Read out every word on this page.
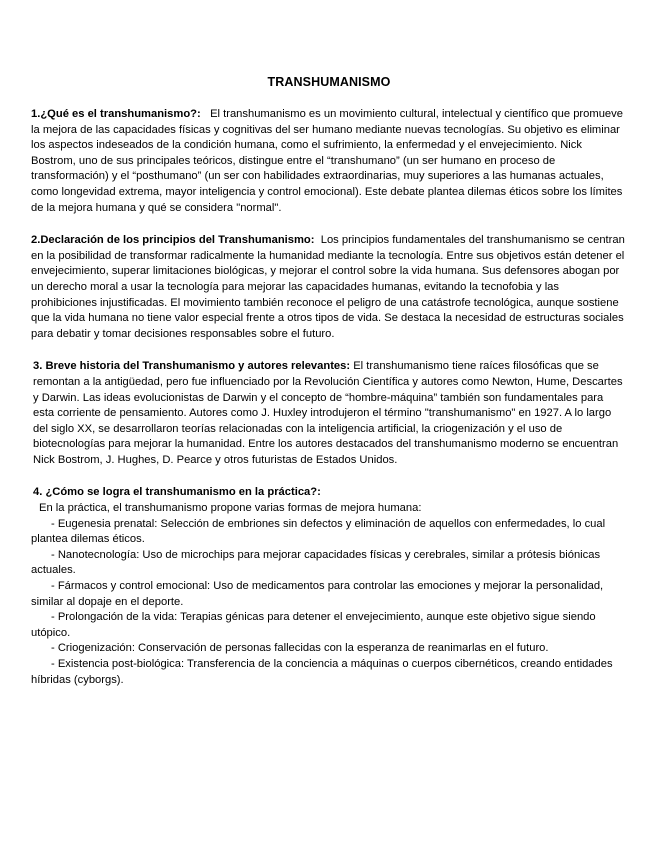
TRANSHUMANISMO
1.¿Qué es el transhumanismo?: El transhumanismo es un movimiento cultural, intelectual y científico que promueve la mejora de las capacidades físicas y cognitivas del ser humano mediante nuevas tecnologías. Su objetivo es eliminar los aspectos indeseados de la condición humana, como el sufrimiento, la enfermedad y el envejecimiento. Nick Bostrom, uno de sus principales teóricos, distingue entre el “transhumano” (un ser humano en proceso de transformación) y el “posthumano” (un ser con habilidades extraordinarias, muy superiores a las humanas actuales, como longevidad extrema, mayor inteligencia y control emocional). Este debate plantea dilemas éticos sobre los límites de la mejora humana y qué se considera "normal".
2.Declaración de los principios del Transhumanismo: Los principios fundamentales del transhumanismo se centran en la posibilidad de transformar radicalmente la humanidad mediante la tecnología. Entre sus objetivos están detener el envejecimiento, superar limitaciones biológicas, y mejorar el control sobre la vida humana. Sus defensores abogan por un derecho moral a usar la tecnología para mejorar las capacidades humanas, evitando la tecnofobia y las prohibiciones injustificadas. El movimiento también reconoce el peligro de una catástrofe tecnológica, aunque sostiene que la vida humana no tiene valor especial frente a otros tipos de vida. Se destaca la necesidad de estructuras sociales para debatir y tomar decisiones responsables sobre el futuro.
3. Breve historia del Transhumanismo y autores relevantes: El transhumanismo tiene raíces filosóficas que se remontan a la antigüedad, pero fue influenciado por la Revolución Científica y autores como Newton, Hume, Descartes y Darwin. Las ideas evolucionistas de Darwin y el concepto de “hombre-máquina” también son fundamentales para esta corriente de pensamiento. Autores como J. Huxley introdujeron el término "transhumanismo" en 1927. A lo largo del siglo XX, se desarrollaron teorías relacionadas con la inteligencia artificial, la criogenización y el uso de biotecnologías para mejorar la humanidad. Entre los autores destacados del transhumanismo moderno se encuentran Nick Bostrom, J. Hughes, D. Pearce y otros futuristas de Estados Unidos.

4. ¿Cómo se logra el transhumanismo en la práctica?:

En la práctica, el transhumanismo propone varias formas de mejora humana:

- Eugenesia prenatal: Selección de embriones sin defectos y eliminación de aquellos con enfermedades, lo cual plantea dilemas éticos.

- Nanotecnología: Uso de microchips para mejorar capacidades físicas y cerebrales, similar a prótesis biónicas actuales.

- Fármacos y control emocional: Uso de medicamentos para controlar las emociones y mejorar la personalidad, similar al dopaje en el deporte.

- Prolongación de la vida: Terapias génicas para detener el envejecimiento, aunque este objetivo sigue siendo utópico.

- Criogenización: Conservación de personas fallecidas con la esperanza de reanimarlas en el futuro.

- Existencia post-biológica: Transferencia de la conciencia a máquinas o cuerpos cibernéticos, creando entidades híbridas (cyborgs).
